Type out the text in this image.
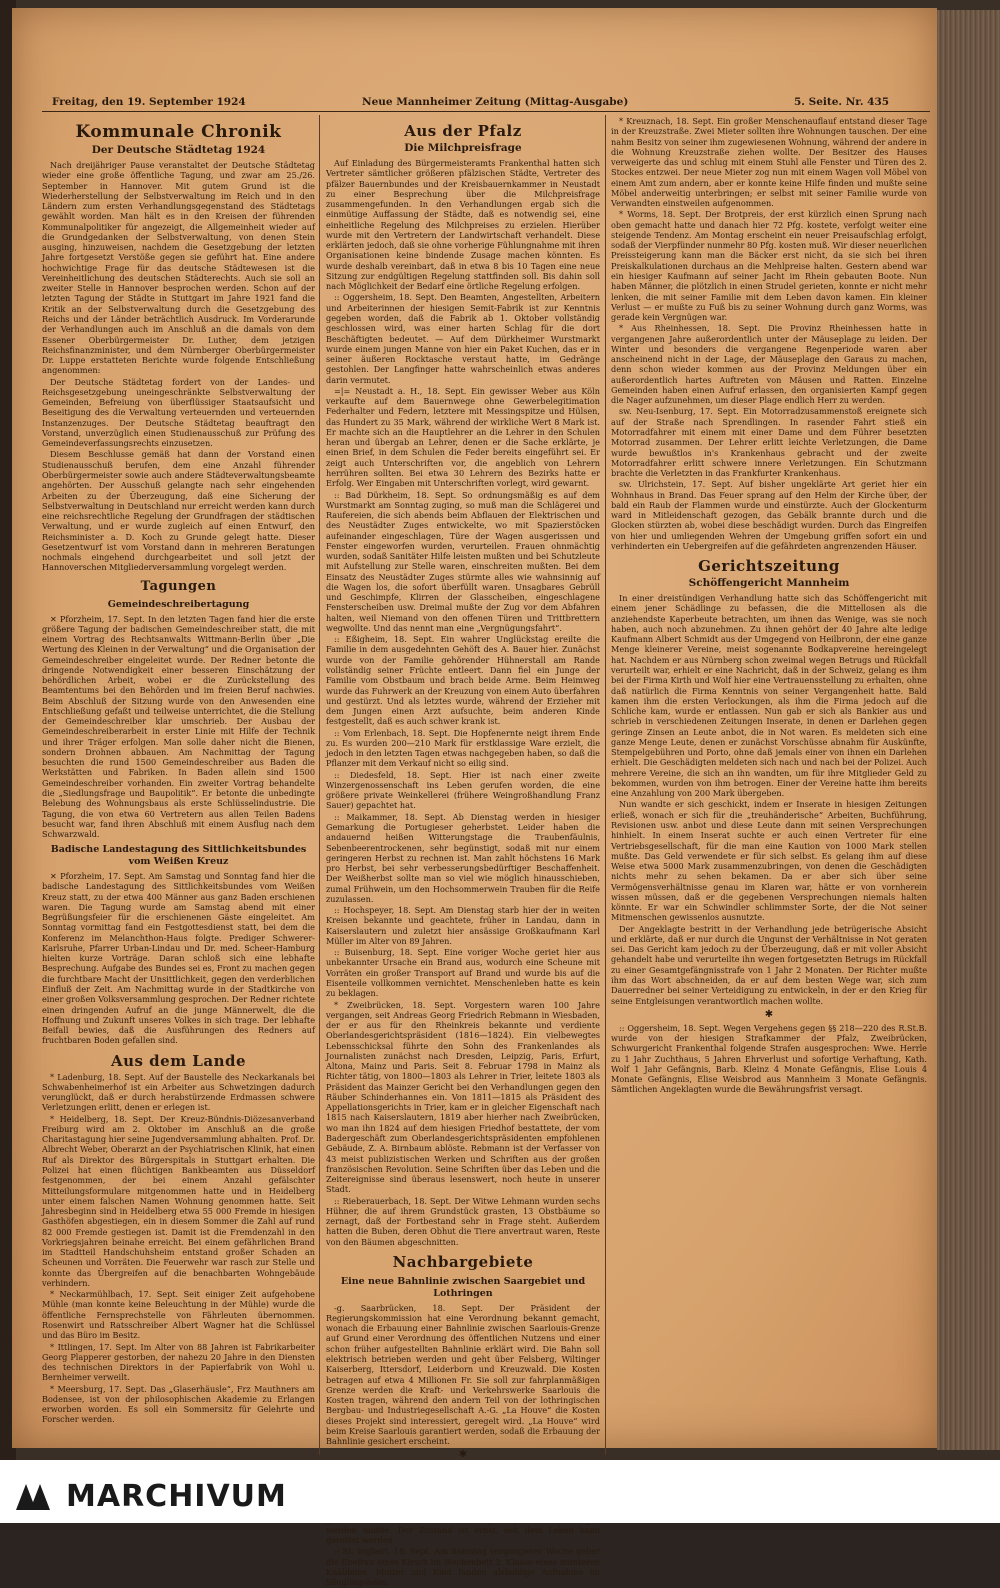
Freitag, den 19. September 1924	Neue Mannheimer Zeitung (Mittag-Ausgabe)	5. Seite. Nr. 435
Kommunale Chronik
Der Deutsche Städtetag 1924

Nach dreijähriger Pause veranstaltet der Deutsche Städtetag wieder eine große öffentliche Tagung, und zwar am 25./26. September in Hannover. Mit gutem Grund ist die Wiederherstellung der Selbstverwaltung im Reich und in den Ländern zum ersten Verhandlungsgegenstand des Städtetags gewählt worden. Man hält es in den Kreisen der führenden Kommunalpolitiker für angezeigt, die Allgemeinheit wieder auf die Grundgedanken der Selbstverwaltung, von denen Stein ausging, hinzuweisen, nachdem die Gesetzgebung der letzten Jahre fortgesetzt Verstöße gegen sie geführt hat. Eine andere hochwichtige Frage für das deutsche Städtewesen ist die Vereinheitlichung des deutschen Städterechts. Auch sie soll an zweiter Stelle in Hannover besprochen werden. Schon auf der letzten Tagung der Städte in Stuttgart im Jahre 1921 fand die Kritik an der Selbstverwaltung durch die Gesetzgebung des Reichs und der Länder beträchtlich Ausdruck. Im Vorderarunde der Verhandlungen auch im Anschluß an die damals von dem Essener Oberbürgermeister Dr. Luther, dem jetzigen Reichsfinanzminister, und dem Nürnberger Oberbürgermeister Dr. Luppe erstatteten Berichte wurde folgende Entschließung angenommen:

Der Deutsche Städtetag fordert von der Landes- und Reichsgesetzgebung uneingeschränkte Selbstverwaltung der Gemeinden, Befreiung von überflüssiger Staatsaufsicht und Beseitigung des die Verwaltung verteuernden und verteuernden Instanzenzuges. Der Deutsche Städtetag beauftragt den Vorstand, unverzüglich einen Studienausschuß zur Prüfung des Gemeindeverfassungsrechts einzusetzen.

Diesem Beschlusse gemäß hat dann der Vorstand einen Studienausschuß berufen, dem eine Anzahl führender Oberbürgermeister sowie auch andere Städteverwaltungsbeamte angehörten. Der Ausschuß gelangte nach sehr eingehenden Arbeiten zu der Überzeugung, daß eine Sicherung der Selbstverwaltung in Deutschland nur erreicht werden kann durch eine reichsrechtliche Regelung der Grundfragen der städtischen Verwaltung, und er wurde zugleich auf einen Entwurf, den Reichsminister a. D. Koch zu Grunde gelegt hatte. Dieser Gesetzentwurf ist vom Vorstand dann in mehreren Beratungen nochmals eingehend durchgearbeitet und soll jetzt der Hannoverschen Mitgliederversammlung vorgelegt werden.

Tagungen
Gemeindeschreibertagung

✕ Pforzheim, 17. Sept. In den letzten Tagen fand hier die erste größere Tagung der badischen Gemeindeschreiber statt, die mit einem Vortrag des Rechtsanwalts Wittmann-Berlin über „Die Wertung des Kleinen in der Verwaltung“ und die Organisation der Gemeindeschreiber eingeleitet wurde. Der Redner betonte die dringende Notwendigkeit einer besseren Einschätzung der behördlichen Arbeit, wobei er die Zurückstellung des Beamtentums bei den Behörden und im freien Beruf nachwies. Beim Abschluß der Sitzung wurde von den Anwesenden eine Entschließung gefaßt und teilweise unterrichtet, die die Stellung der Gemeindeschreiber klar umschrieb. Der Ausbau der Gemeindeschreiberarbeit in erster Linie mit Hilfe der Technik und ihrer Träger erfolgen. Man solle daher nicht die Bienen, sondern Drohnen abbauen. Am Nachmittag der Tagung besuchten die rund 1500 Gemeindeschreiber aus Baden die Werkstätten und Fabriken. In Baden allein sind 1500 Gemeindeschreiber vorhanden. Ein zweiter Vortrag behandelte die „Siedlungsfrage und Baupolitik“. Er betonte die unbedingte Belebung des Wohnungsbaus als erste Schlüsselindustrie. Die Tagung, die von etwa 60 Vertretern aus allen Teilen Badens besucht war, fand ihren Abschluß mit einem Ausflug nach dem Schwarzwald.

Badische Landestagung des Sittlichkeitsbundes vom Weißen Kreuz

✕ Pforzheim, 17. Sept. Am Samstag und Sonntag fand hier die badische Landestagung des Sittlichkeitsbundes vom Weißen Kreuz statt, zu der etwa 400 Männer aus ganz Baden erschienen waren. Die Tagung wurde am Samstag abend mit einer Begrüßungsfeier für die erschienenen Gäste eingeleitet. Am Sonntag vormittag fand ein Festgottesdienst statt, bei dem die Konferenz im Melanchthon-Haus folgte. Prediger Schwerer-Karlsruhe, Pfarrer Urban-Lindau und Dr. med. Scheer-Hamburg hielten kurze Vorträge. Daran schloß sich eine lebhafte Besprechung. Aufgabe des Bundes sei es, Front zu machen gegen die furchtbare Macht der Unsittlichkeit, gegen den verderblichen Einfluß der Zeit. Am Nachmittag wurde in der Stadtkirche von einer großen Volksversammlung gesprochen. Der Redner richtete einen dringenden Aufruf an die junge Männerwelt, die die Hoffnung und Zukunft unseres Volkes in sich trage. Der lebhafte Beifall bewies, daß die Ausführungen des Redners auf fruchtbaren Boden gefallen sind.

Aus dem Lande

* Ladenburg, 18. Sept. Auf der Baustelle des Neckarkanals bei Schwabenheimerhof ist ein Arbeiter aus Schwetzingen dadurch verunglückt, daß er durch herabstürzende Erdmassen schwere Verletzungen erlitt, denen er erlegen ist.

* Heidelberg, 18. Sept. Der Kreuz-Bündnis-Diözesanverband Freiburg wird am 2. Oktober im Anschluß an die große Charitastagung hier seine Jugendversammlung abhalten. Prof. Dr. Albrecht Weber, Oberarzt an der Psychiatrischen Klinik, hat einen Ruf als Direktor des Bürgerspitals in Stuttgart erhalten. Die Polizei hat einen flüchtigen Bankbeamten aus Düsseldorf festgenommen, der bei einem Anzahl gefälschter Mitteilungsformulare mitgenommen hatte und in Heidelberg unter einem falschen Namen Wohnung genommen hatte. Seit Jahresbeginn sind in Heidelberg etwa 55 000 Fremde in hiesigen Gasthöfen abgestiegen, ein in diesem Sommer die Zahl auf rund 82 000 Fremde gestiegen ist. Damit ist die Fremdenzahl in den Vorkriegsjahren beinahe erreicht. Bei einem gefährlichen Brand im Stadtteil Handschuhsheim entstand großer Schaden an Scheunen und Vorräten. Die Feuerwehr war rasch zur Stelle und konnte das Übergreifen auf die benachbarten Wohngebäude verhindern.

* Neckarmühlbach, 17. Sept. Seit einiger Zeit aufgehobene Mühle (man konnte keine Beleuchtung in der Mühle) wurde die öffentliche Fernsprechstelle von Fährleuten übernommen. Rosenwirt und Ratsschreiber Albert Wagner hat die Schlüssel und das Büro im Besitz.

* Ittlingen, 17. Sept. Im Alter von 88 Jahren ist Fabrikarbeiter Georg Plapperer gestorben, der nahezu 20 Jahre in den Diensten des technischen Direktors in der Papierfabrik von Wohl u. Bernheimer verweilt.

* Meersburg, 17. Sept. Das „Glaserhäusle“, Frz Mauthners am Bodensee, ist von der philosophischen Akademie zu Erlangen erworben worden. Es soll ein Sommersitz für Gelehrte und Forscher werden.

Aus der Pfalz
Die Milchpreisfrage

Auf Einladung des Bürgermeisteramts Frankenthal hatten sich Vertreter sämtlicher größeren pfälzischen Städte, Vertreter des pfälzer Bauernbundes und der Kreisbauernkammer in Neustadt zu einer Besprechung über die Milchpreisfrage zusammengefunden. In den Verhandlungen ergab sich die einmütige Auffassung der Städte, daß es notwendig sei, eine einheitliche Regelung des Milchpreises zu erzielen. Hierüber wurde mit den Vertretern der Landwirtschaft verhandelt. Diese erklärten jedoch, daß sie ohne vorherige Fühlungnahme mit ihren Organisationen keine bindende Zusage machen könnten. Es wurde deshalb vereinbart, daß in etwa 8 bis 10 Tagen eine neue Sitzung zur endgültigen Regelung stattfinden soll. Bis dahin soll nach Möglichkeit der Bedarf eine örtliche Regelung erfolgen.

:: Oggersheim, 18. Sept. Den Beamten, Angestellten, Arbeitern und Arbeiterinnen der hiesigen Semit-Fabrik ist zur Kenntnis gegeben worden, daß die Fabrik ab 1. Oktober vollständig geschlossen wird, was einer harten Schlag für die dort Beschäftigten bedeutet. — Auf dem Dürkheimer Wurstmarkt wurde einem jungen Manne von hier ein Paket Kuchen, das er in seiner äußeren Rocktasche verstaut hatte, im Gedränge gestohlen. Der Langfinger hatte wahrscheinlich etwas anderes darin vermutet.

=|= Neustadt a. H., 18. Sept. Ein gewisser Weber aus Köln verkaufte auf dem Bauernwege ohne Gewerbelegitimation Federhalter und Federn, letztere mit Messingspitze und Hülsen, das Hundert zu 35 Mark, während der wirkliche Wert 8 Mark ist. Er machte sich an die Hauptlehrer an die Lehrer in den Schulen heran und übergab an Lehrer, denen er die Sache erklärte, je einen Brief, in dem Schulen die Feder bereits eingeführt sei. Er zeigt auch Unterschriften vor, die angeblich von Lehrern herrühren sollten. Bei etwa 30 Lehrern des Bezirks hatte er Erfolg. Wer Eingaben mit Unterschriften vorlegt, wird gewarnt.

:: Bad Dürkheim, 18. Sept. So ordnungsmäßig es auf dem Wurstmarkt am Sonntag zuging, so muß man die Schlägerei und Raufereien, die sich abends beim Abflauen der Elektrischen und des Neustädter Zuges entwickelte, wo mit Spazierstöcken aufeinander eingeschlagen, Türe der Wagen ausgerissen und Fenster eingeworfen wurden, verurteilen. Frauen ohnmächtig wurden, sodaß Sanitäter Hilfe leisten mußten und bei Schutzleute mit Aufstellung zur Stelle waren, einschreiten mußten. Bei dem Einsatz des Neustädter Zuges stürmte alles wie wahnsinnig auf die Wagen los, die sofort überfüllt waren. Unsagbares Gebrüll und Geschimpfe, Klirren der Glasscheiben, eingeschlagene Fensterscheiben usw. Dreimal mußte der Zug vor dem Abfahren halten, weil Niemand von den offenen Türen und Trittbrettern wegwollte. Und das nennt man eine „Vergnügungsfahrt“.

:: Eßigheim, 18. Sept. Ein wahrer Unglückstag ereilte die Familie in dem ausgedehnten Gehöft des A. Bauer hier. Zunächst wurde von der Familie gehörender Hühnerstall am Rande vollständig seiner Früchte entleert. Dann fiel ein Junge der Familie vom Obstbaum und brach beide Arme. Beim Heimweg wurde das Fuhrwerk an der Kreuzung von einem Auto überfahren und gestürzt. Und als letztes wurde, während der Erzieher mit dem Jungen einen Arzt aufsuchte, beim anderen Kinde festgestellt, daß es auch schwer krank ist.

:: Vom Erlenbach, 18. Sept. Die Hopfenernte neigt ihrem Ende zu. Es wurden 200—210 Mark für erstklassige Ware erzielt, die jedoch in den letzten Tagen etwas nachgegeben haben, so daß die Pflanzer mit dem Verkauf nicht so eilig sind.

:: Diedesfeld, 18. Sept. Hier ist nach einer zweite Winzergenossenschaft ins Leben gerufen worden, die eine größere private Weinkellerei (frühere Weingroßhandlung Franz Sauer) gepachtet hat.

:: Maikammer, 18. Sept. Ab Dienstag werden in hiesiger Gemarkung die Portugieser geherbstet. Leider haben die andauernd heißen Witterungstage die Traubenfäulnis, Sebenbeerentrockenen, sehr begünstigt, sodaß mit nur einem geringeren Herbst zu rechnen ist. Man zahlt höchstens 16 Mark pro Herbst, bei sehr verbesserungsbedürftiger Beschaffenheit. Der Weißherbst sollte man so viel wie möglich hinausschieben, zumal Frühwein, um den Hochsommerwein Trauben für die Reife zuzulassen.

:: Hochspeyer, 18. Sept. Am Dienstag starb hier der in weiten Kreisen bekannte und geachtete, früher in Landau, dann in Kaiserslautern und zuletzt hier ansässige Großkaufmann Karl Müller im Alter von 89 Jahren.

:: Buisenburg, 18. Sept. Eine voriger Woche geriet hier aus unbekannter Ursache ein Brand aus, wodurch eine Scheune mit Vorräten ein großer Transport auf Brand und wurde bis auf die Eisenteile vollkommen vernichtet. Menschenleben hatte es kein zu beklagen.

* Zweibrücken, 18. Sept. Vorgestern waren 100 Jahre vergangen, seit Andreas Georg Friedrich Rebmann in Wiesbaden, der er aus für den Rheinkreis bekannte und verdiente Oberlandesgerichtspräsident (1816—1824). Ein vielbewegtes Lebensschicksal führte den Sohn des Frankenlandes als Journalisten zunächst nach Dresden, Leipzig, Paris, Erfurt, Altona, Mainz und Paris. Seit 8. Februar 1798 in Mainz als Richter tätig, von 1800—1803 als Lehrer in Trier, leitete 1803 als Präsident das Mainzer Gericht bei den Verhandlungen gegen den Räuber Schinderhannes ein. Von 1811—1815 als Präsident des Appellationsgerichts in Trier, kam er in gleicher Eigenschaft nach 1815 nach Kaiserslautern, 1819 aber hierher nach Zweibrücken, wo man ihn 1824 auf dem hiesigen Friedhof bestattete, der vom Badergeschäft zum Oberlandesgerichtspräsidenten empfohlenen Gebäude, Z. A. Birnbaum ablöste. Rebmann ist der Verfasser von 43 meist publizistischen Werken und Schriften aus der großen französischen Revolution. Seine Schriften über das Leben und die Zeitereignisse sind überaus lesenswert, noch heute in unserer Stadt.

:: Rieberauerbach, 18. Sept. Der Witwe Lehmann wurden sechs Hühner, die auf ihrem Grundstück grasten, 13 Obstbäume so zernagt, daß der Fortbestand sehr in Frage steht. Außerdem hatten die Buben, deren Obhut die Tiere anvertraut waren, Reste von den Bäumen abgeschnitten.

Nachbargebiete
Eine neue Bahnlinie zwischen Saargebiet und Lothringen

-g. Saarbrücken, 18. Sept. Der Präsident der Regierungskommission hat eine Verordnung bekannt gemacht, wonach die Erbauung einer Bahnlinie zwischen Saarlouis-Grenze auf Grund einer Verordnung des öffentlichen Nutzens und einer schon früher aufgestellten Bahnlinie erklärt wird. Die Bahn soll elektrisch betrieben werden und geht über Felsberg, Wiltinger Kaiserberg, Ittersdorf, Leiderborn und Kreuzwald. Die Kosten betragen auf etwa 4 Millionen Fr. Sie soll zur fahrplanmäßigen Grenze werden die Kraft- und Verkehrswerke Saarlouis die Kosten tragen, während den andern Teil von der lothringischen Bergbau- und Industriegesellschaft A.-G. „La Houve“ die Kosten dieses Projekt sind interessiert, geregelt wird. „La Houve“ wird beim Kreise Saarlouis garantiert werden, sodaß die Erbauung der Bahnlinie gesichert erscheint.

✱

werden mußte. Der Zustand ist ernst, seit dem Leben kann gerettet werden.

:: St. Ingbert, 18. Sept. Am Samstag vergangener Woche gebar die Ehefrau eines Kirsch im Wochenbett 2. Klasse eines munteren Knäbleins. Mutter und Kind fanden alsbaldige Aufnahme im Säuglingsheim.

* Kreuznach, 18. Sept. Ein großer Menschenauflauf entstand dieser Tage in der Kreuzstraße. Zwei Mieter sollten ihre Wohnungen tauschen. Der eine nahm Besitz von seiner ihm zugewiesenen Wohnung, während der andere in die Wohnung Kreuzstraße ziehen wollte. Der Besitzer des Hauses verweigerte das und schlug mit einem Stuhl alle Fenster und Türen des 2. Stockes entzwei. Der neue Mieter zog nun mit einem Wagen voll Möbel von einem Amt zum andern, aber er konnte keine Hilfe finden und mußte seine Möbel anderweitig unterbringen; er selbst mit seiner Familie wurde von Verwandten einstweilen aufgenommen.

* Worms, 18. Sept. Der Brotpreis, der erst kürzlich einen Sprung nach oben gemacht hatte und danach hier 72 Pfg. kostete, verfolgt weiter eine steigende Tendenz. Am Montag erscheint ein neuer Preisaufschlag erfolgt, sodaß der Vierpfünder nunmehr 80 Pfg. kosten muß. Wir dieser neuerlichen Preissteigerung kann man die Bäcker erst nicht, da sie sich bei ihren Preiskalkulationen durchaus an die Mehlpreise halten. Gestern abend war ein hiesiger Kaufmann auf seiner Jacht im Rhein gebauten Boote. Nun haben Männer, die plötzlich in einen Strudel gerieten, konnte er nicht mehr lenken, die mit seiner Familie mit dem Leben davon kamen. Ein kleiner Verlust — er mußte zu Fuß bis zu seiner Wohnung durch ganz Worms, was gerade kein Vergnügen war.

* Aus Rheinhessen, 18. Sept. Die Provinz Rheinhessen hatte in vergangenen Jahre außerordentlich unter der Mäuseplage zu leiden. Der Winter und besonders die vergangene Regenperiode waren aber anscheinend nicht in der Lage, der Mäuseplage den Garaus zu machen, denn schon wieder kommen aus der Provinz Meldungen über ein außerordentlich hartes Auftreten von Mäusen und Ratten. Einzelne Gemeinden haben einen Aufruf erlassen, den organisierten Kampf gegen die Nager aufzunehmen, um dieser Plage endlich Herr zu werden.

sw. Neu-Isenburg, 17. Sept. Ein Motorradzusammenstoß ereignete sich auf der Straße nach Sprendlingen. In rasender Fahrt stieß ein Motorradfahrer mit einem mit einer Dame und dem Führer besetzten Motorrad zusammen. Der Lehrer erlitt leichte Verletzungen, die Dame wurde bewußtlos in's Krankenhaus gebracht und der zweite Motorradfahrer erlitt schwere innere Verletzungen. Ein Schutzmann brachte die Verletzten in das Frankfurter Krankenhaus.

sw. Ulrichstein, 17. Sept. Auf bisher ungeklärte Art geriet hier ein Wohnhaus in Brand. Das Feuer sprang auf den Helm der Kirche über, der bald ein Raub der Flammen wurde und einstürzte. Auch der Glockenturm ward in Mitleidenschaft gezogen, das Gebälk brannte durch und die Glocken stürzten ab, wobei diese beschädigt wurden. Durch das Eingreifen von hier und umliegenden Wehren der Umgebung griffen sofort ein und verhinderten ein Uebergreifen auf die gefährdeten angrenzenden Häuser.

Gerichtszeitung
Schöffengericht Mannheim

In einer dreistündigen Verhandlung hatte sich das Schöffengericht mit einem jener Schädlinge zu befassen, die die Mittellosen als die anziehendste Kaperbeute betrachten, um ihnen das Wenige, was sie noch haben, auch noch abzunehmen. Zu ihnen gehört der 40 Jahre alte ledige Kaufmann Albert Schmidt aus der Umgegend von Heilbronn, der eine ganze Menge kleinerer Vereine, meist sogenannte Bodkapvereine hereingelegt hat. Nachdem er aus Nürnberg schon zweimal wegen Betrugs und Rückfall verurteilt war, erhielt er eine Nachricht, daß in der Schweiz, gelang es ihm bei der Firma Kirth und Wolf hier eine Vertrauensstellung zu erhalten, ohne daß natürlich die Firma Kenntnis von seiner Vergangenheit hatte. Bald kamen ihm die ersten Verlockungen, als ihm die Firma jedoch auf die Schliche kam, wurde er entlassen. Nun gab er sich als Bankier aus und schrieb in verschiedenen Zeitungen Inserate, in denen er Darlehen gegen geringe Zinsen an Leute anbot, die in Not waren. Es meldeten sich eine ganze Menge Leute, denen er zunächst Vorschüsse abnahm für Auskünfte, Stempelgebühren und Porto, ohne daß jemals einer von ihnen ein Darlehen erhielt. Die Geschädigten meldeten sich nach und nach bei der Polizei. Auch mehrere Vereine, die sich an ihn wandten, um für ihre Mitglieder Geld zu bekommen, wurden von ihm betrogen. Einer der Vereine hatte ihm bereits eine Anzahlung von 200 Mark übergeben.

Nun wandte er sich geschickt, indem er Inserate in hiesigen Zeitungen erließ, wonach er sich für die „treuhänderische“ Arbeiten, Buchführung, Revisionen usw. anbot und diese Leute dann mit seinen Versprechungen hinhielt. In einem Inserat suchte er auch einen Vertreter für eine Vertriebsgesellschaft, für die man eine Kaution von 1000 Mark stellen mußte. Das Geld verwendete er für sich selbst. Es gelang ihm auf diese Weise etwa 5000 Mark zusammenzubringen, von denen die Geschädigten nichts mehr zu sehen bekamen. Da er aber sich über seine Vermögensverhältnisse genau im Klaren war, hätte er von vornherein wissen müssen, daß er die gegebenen Versprechungen niemals halten könnte. Er war ein Schwindler schlimmster Sorte, der die Not seiner Mitmenschen gewissenlos ausnutzte.

Der Angeklagte bestritt in der Verhandlung jede betrügerische Absicht und erklärte, daß er nur durch die Ungunst der Verhältnisse in Not geraten sei. Das Gericht kam jedoch zu der Überzeugung, daß er mit voller Absicht gehandelt habe und verurteilte ihn wegen fortgesetzten Betrugs im Rückfall zu einer Gesamtgefängnisstrafe von 1 Jahr 2 Monaten. Der Richter mußte ihm das Wort abschneiden, da er auf dem besten Wege war, sich zum Dauerredner bei seiner Verteidigung zu entwickeln, in der er den Krieg für seine Entgleisungen verantwortlich machen wollte.

✱

:: Oggersheim, 18. Sept. Wegen Vergehens gegen §§ 218—220 des R.St.B. wurde von der hiesigen Strafkammer der Pfalz, Zweibrücken, Schwurgericht Frankenthal folgende Strafen ausgesprochen: Wwe. Herrle zu 1 Jahr Zuchthaus, 5 Jahren Ehrverlust und sofortige Verhaftung, Kath. Wolf 1 Jahr Gefängnis, Barb. Kleinz 4 Monate Gefängnis, Elise Louis 4 Monate Gefängnis, Elise Weisbrod aus Mannheim 3 Monate Gefängnis. Sämtlichen Angeklagten wurde die Bewährungsfrist versagt.

MARCHIVUM
